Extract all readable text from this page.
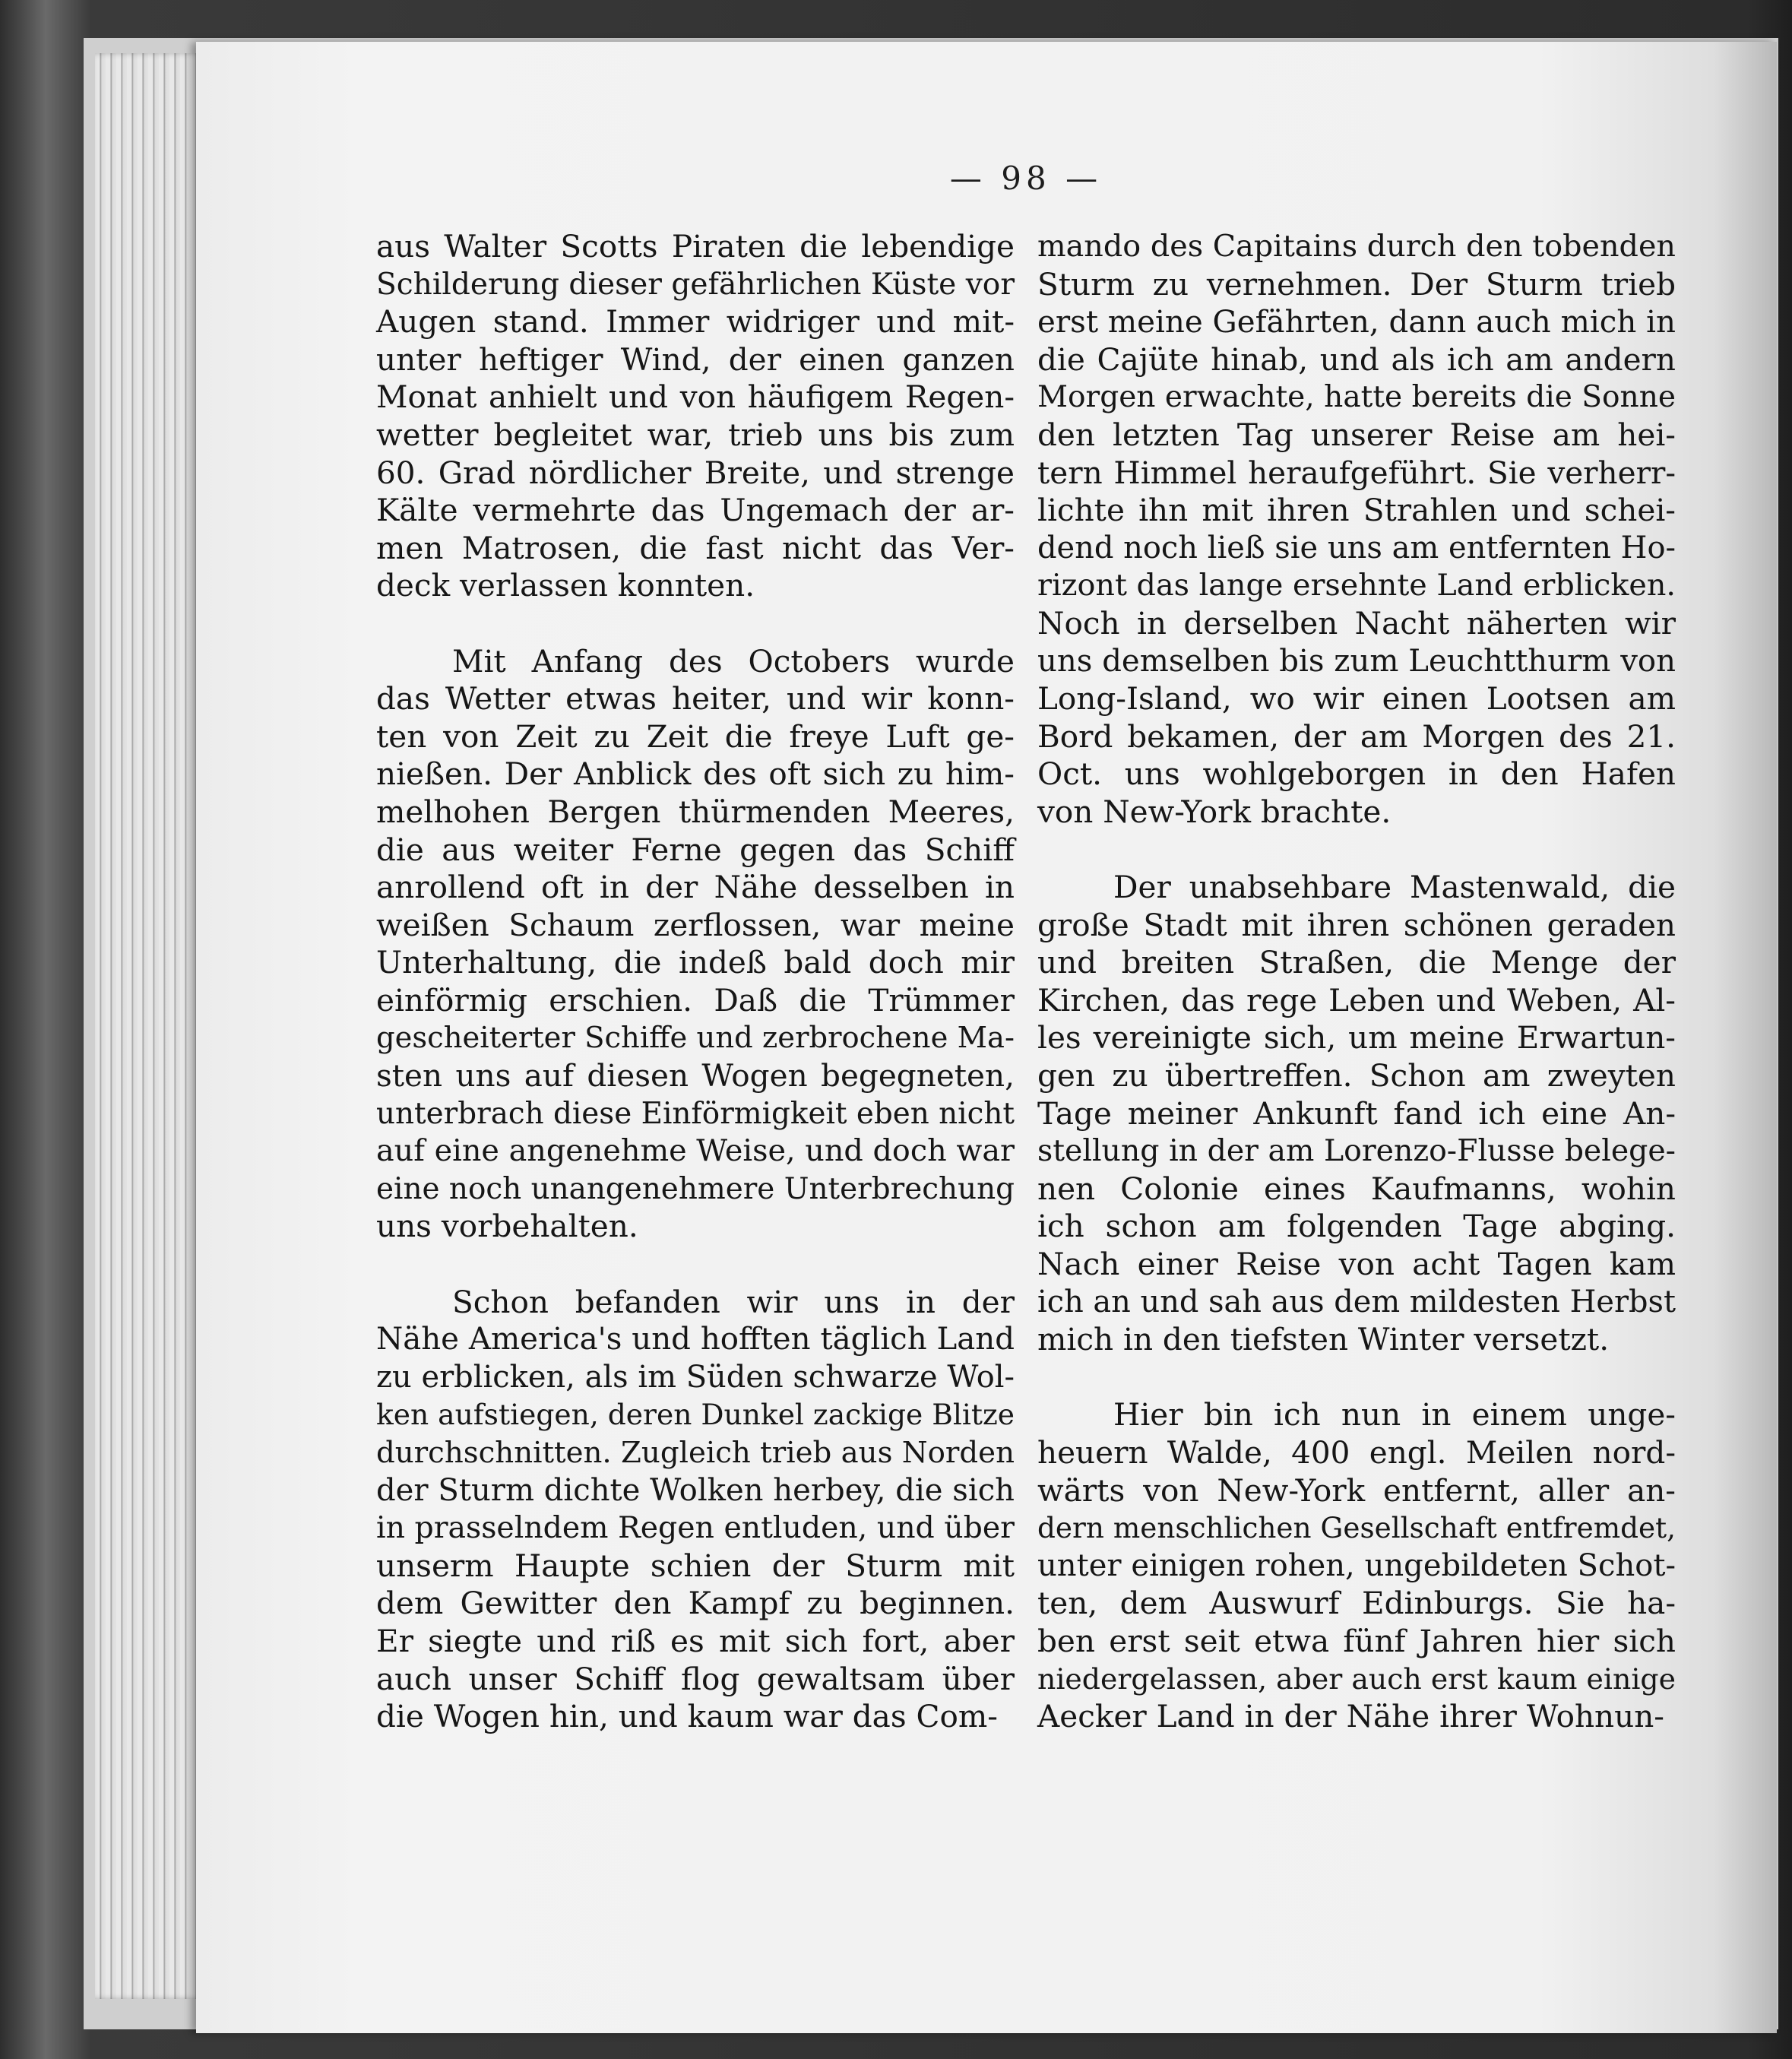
— 98 —
aus Walter Scotts Piraten die lebendige
Schilderung dieser gefährlichen Küste vor
Augen stand. Immer widriger und mit-
unter heftiger Wind, der einen ganzen
Monat anhielt und von häufigem Regen-
wetter begleitet war, trieb uns bis zum
60. Grad nördlicher Breite, und strenge
Kälte vermehrte das Ungemach der ar-
men Matrosen, die fast nicht das Ver-
deck verlassen konnten.
Mit Anfang des Octobers wurde
das Wetter etwas heiter, und wir konn-
ten von Zeit zu Zeit die freye Luft ge-
nießen. Der Anblick des oft sich zu him-
melhohen Bergen thürmenden Meeres,
die aus weiter Ferne gegen das Schiff
anrollend oft in der Nähe desselben in
weißen Schaum zerflossen, war meine
Unterhaltung, die indeß bald doch mir
einförmig erschien. Daß die Trümmer
gescheiterter Schiffe und zerbrochene Ma-
sten uns auf diesen Wogen begegneten,
unterbrach diese Einförmigkeit eben nicht
auf eine angenehme Weise, und doch war
eine noch unangenehmere Unterbrechung
uns vorbehalten.
Schon befanden wir uns in der
Nähe America's und hofften täglich Land
zu erblicken, als im Süden schwarze Wol-
ken aufstiegen, deren Dunkel zackige Blitze
durchschnitten. Zugleich trieb aus Norden
der Sturm dichte Wolken herbey, die sich
in prasselndem Regen entluden, und über
unserm Haupte schien der Sturm mit
dem Gewitter den Kampf zu beginnen.
Er siegte und riß es mit sich fort, aber
auch unser Schiff flog gewaltsam über
die Wogen hin, und kaum war das Com-
mando des Capitains durch den tobenden
Sturm zu vernehmen. Der Sturm trieb
erst meine Gefährten, dann auch mich in
die Cajüte hinab, und als ich am andern
Morgen erwachte, hatte bereits die Sonne
den letzten Tag unserer Reise am hei-
tern Himmel heraufgeführt. Sie verherr-
lichte ihn mit ihren Strahlen und schei-
dend noch ließ sie uns am entfernten Ho-
rizont das lange ersehnte Land erblicken.
Noch in derselben Nacht näherten wir
uns demselben bis zum Leuchtthurm von
Long-Island, wo wir einen Lootsen am
Bord bekamen, der am Morgen des 21.
Oct. uns wohlgeborgen in den Hafen
von New-York brachte.
Der unabsehbare Mastenwald, die
große Stadt mit ihren schönen geraden
und breiten Straßen, die Menge der
Kirchen, das rege Leben und Weben, Al-
les vereinigte sich, um meine Erwartun-
gen zu übertreffen. Schon am zweyten
Tage meiner Ankunft fand ich eine An-
stellung in der am Lorenzo-Flusse belege-
nen Colonie eines Kaufmanns, wohin
ich schon am folgenden Tage abging.
Nach einer Reise von acht Tagen kam
ich an und sah aus dem mildesten Herbst
mich in den tiefsten Winter versetzt.
Hier bin ich nun in einem unge-
heuern Walde, 400 engl. Meilen nord-
wärts von New-York entfernt, aller an-
dern menschlichen Gesellschaft entfremdet,
unter einigen rohen, ungebildeten Schot-
ten, dem Auswurf Edinburgs. Sie ha-
ben erst seit etwa fünf Jahren hier sich
niedergelassen, aber auch erst kaum einige
Aecker Land in der Nähe ihrer Wohnun-
